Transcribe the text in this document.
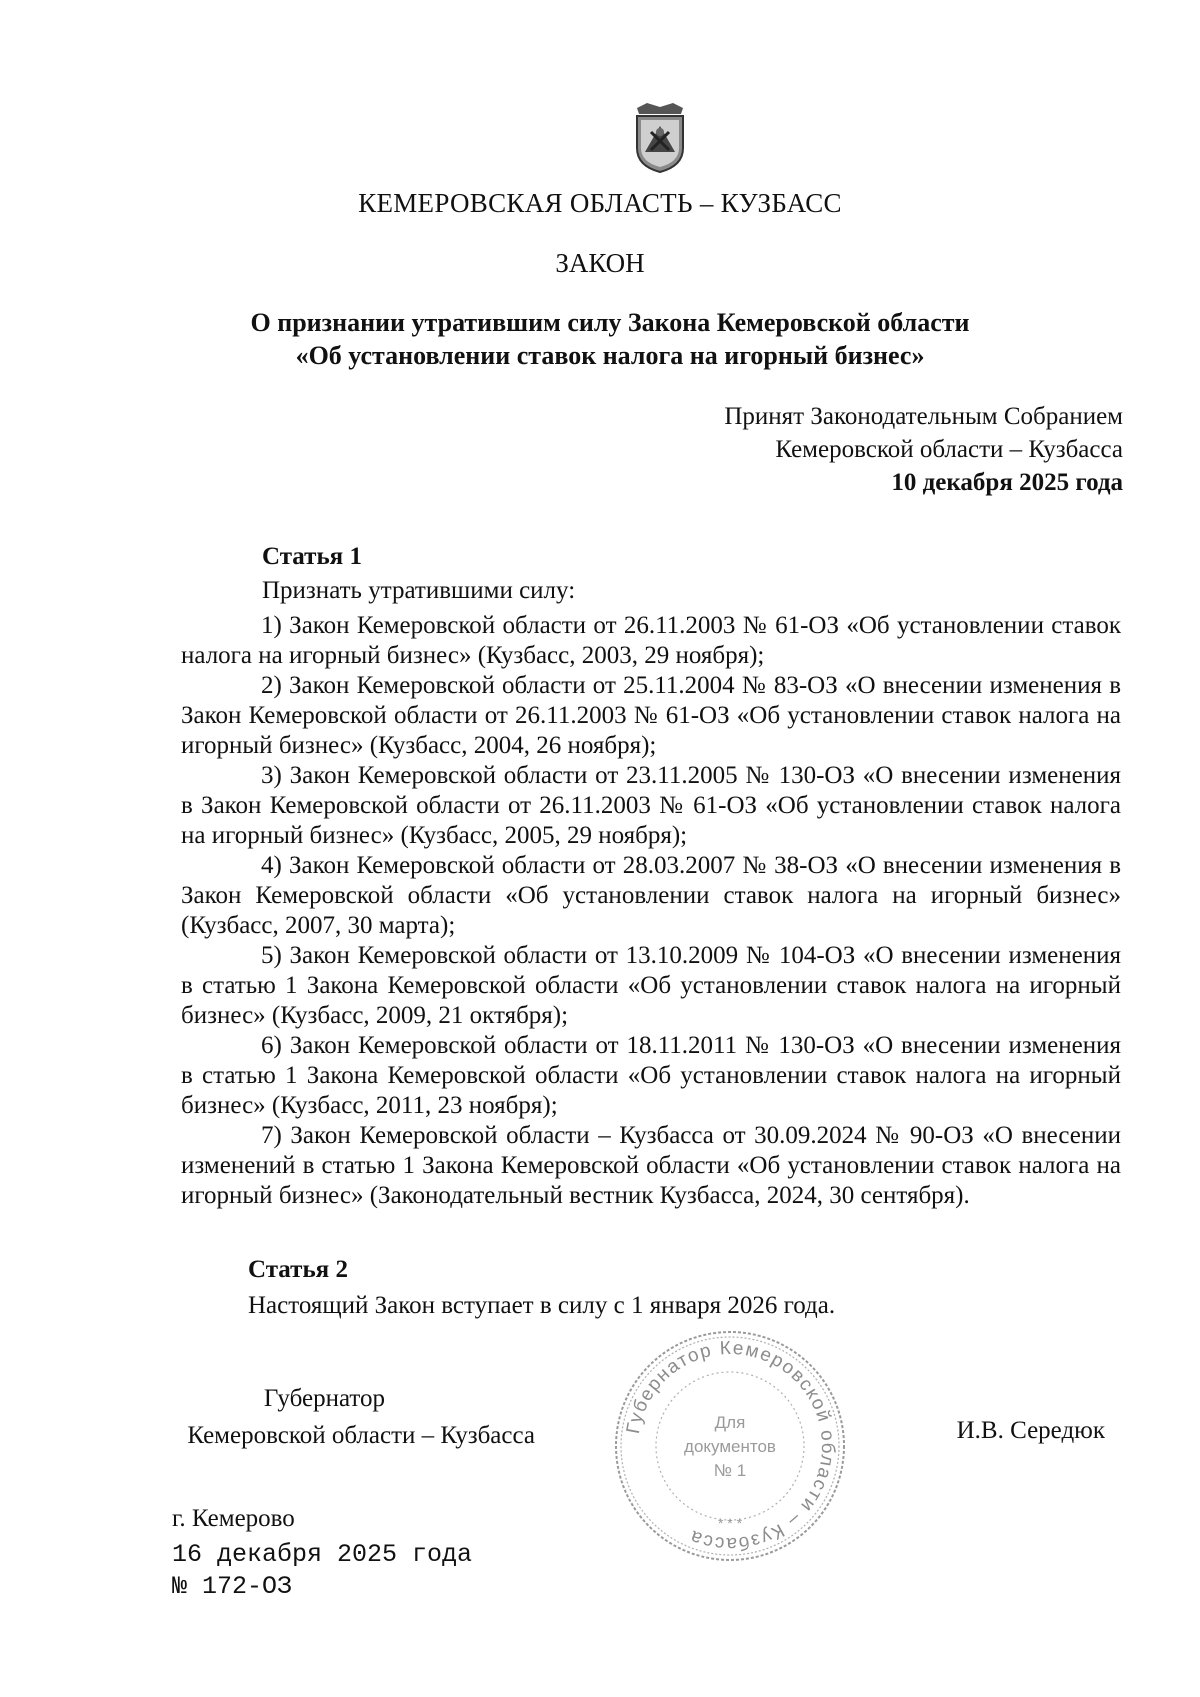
КЕМЕРОВСКАЯ ОБЛАСТЬ – КУЗБАСС
ЗАКОН
О признании утратившим силу Закона Кемеровской области
«Об установлении ставок налога на игорный бизнес»
Принят Законодательным Собранием
Кемеровской области – Кузбасса
10 декабря 2025 года
Статья 1
Признать утратившими силу:

1) Закон Кемеровской области от 26.11.2003 № 61-ОЗ «Об установлении ставок налога на игорный бизнес» (Кузбасс, 2003, 29 ноября);

2) Закон Кемеровской области от 25.11.2004 № 83-ОЗ «О внесении изменения в Закон Кемеровской области от 26.11.2003 № 61-ОЗ «Об установлении ставок налога на игорный бизнес» (Кузбасс, 2004, 26 ноября);

3) Закон Кемеровской области от 23.11.2005 № 130-ОЗ «О внесении изменения в Закон Кемеровской области от 26.11.2003 № 61-ОЗ «Об установлении ставок налога на игорный бизнес» (Кузбасс, 2005, 29 ноября);

4) Закон Кемеровской области от 28.03.2007 № 38-ОЗ «О внесении изменения в Закон Кемеровской области «Об установлении ставок налога на игорный бизнес» (Кузбасс, 2007, 30 марта);

5) Закон Кемеровской области от 13.10.2009 № 104-ОЗ «О внесении изменения в статью 1 Закона Кемеровской области «Об установлении ставок налога на игорный бизнес» (Кузбасс, 2009, 21 октября);

6) Закон Кемеровской области от 18.11.2011 № 130-ОЗ «О внесении изменения в статью 1 Закона Кемеровской области «Об установлении ставок налога на игорный бизнес» (Кузбасс, 2011, 23 ноября);

7) Закон Кемеровской области – Кузбасса от 30.09.2024 № 90-ОЗ «О внесении изменений в статью 1 Закона Кемеровской области «Об установлении ставок налога на игорный бизнес» (Законодательный вестник Кузбасса, 2024, 30 сентября).

Статья 2
Настоящий Закон вступает в силу с 1 января 2026 года.
Губернатор
Кемеровской области – Кузбасса	Губернатор Кемеровской области – Кузбасса
Для
документов
№ 1
* * *
И.В. Середюк
г. Кемерово
16 декабря 2025 года
№ 172-ОЗ
